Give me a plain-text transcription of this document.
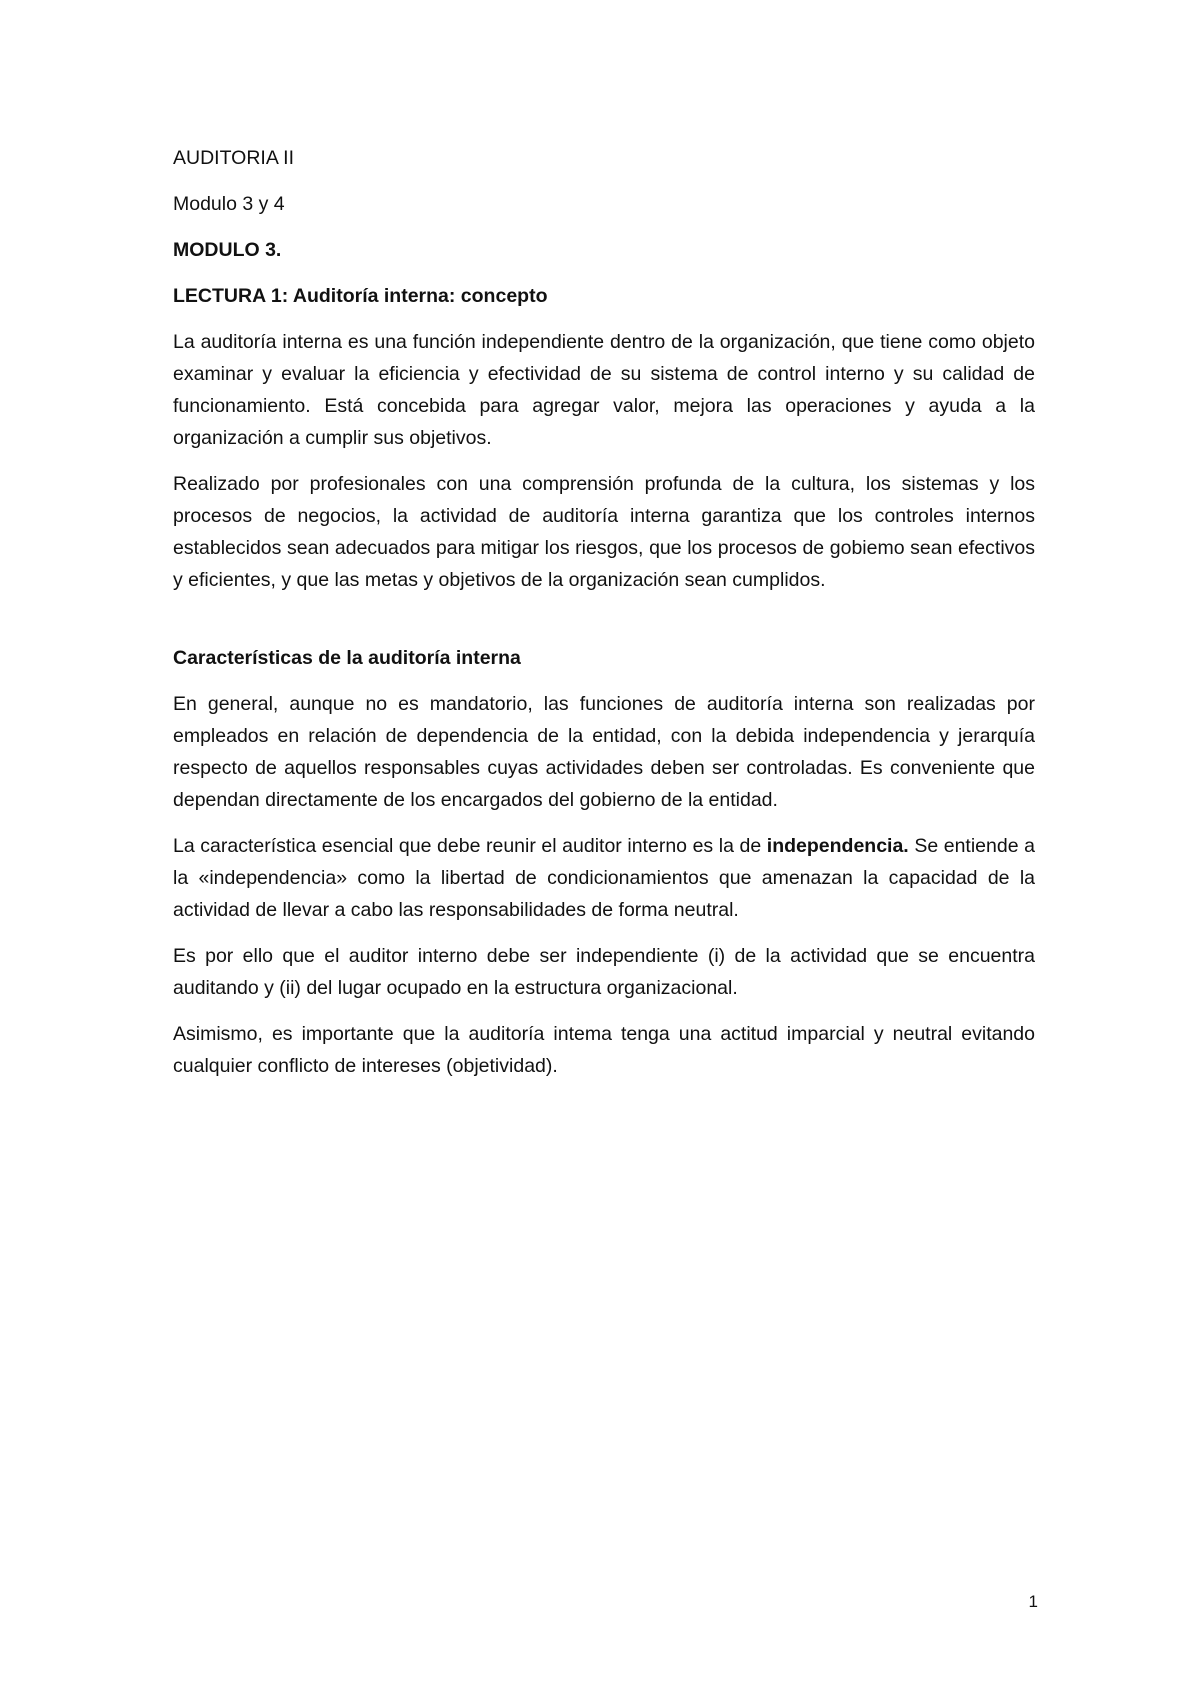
AUDITORIA II
Modulo 3 y 4
MODULO 3.
LECTURA 1: Auditoría interna: concepto

La auditoría interna es una función independiente dentro de la organización, que tiene como objeto examinar y evaluar la eficiencia y efectividad de su sistema de control interno y su calidad de funcionamiento. Está concebida para agregar valor, mejora las operaciones y ayuda a la organización a cumplir sus objetivos.

Realizado por profesionales con una comprensión profunda de la cultura, los sistemas y los procesos de negocios, la actividad de auditoría interna garantiza que los controles internos establecidos sean adecuados para mitigar los riesgos, que los procesos de gobiemo sean efectivos y eficientes, y que las metas y objetivos de la organización sean cumplidos.

Características de la auditoría interna

En general, aunque no es mandatorio, las funciones de auditoría interna son realizadas por empleados en relación de dependencia de la entidad, con la debida independencia y jerarquía respecto de aquellos responsables cuyas actividades deben ser controladas. Es conveniente que dependan directamente de los encargados del gobierno de la entidad.

La característica esencial que debe reunir el auditor interno es la de independencia. Se entiende a la «independencia» como la libertad de condicionamientos que amenazan la capacidad de la actividad de llevar a cabo las responsabilidades de forma neutral.

Es por ello que el auditor interno debe ser independiente (i) de la actividad que se encuentra auditando y (ii) del lugar ocupado en la estructura organizacional.

Asimismo, es importante que la auditoría intema tenga una actitud imparcial y neutral evitando cualquier conflicto de intereses (objetividad).

1
